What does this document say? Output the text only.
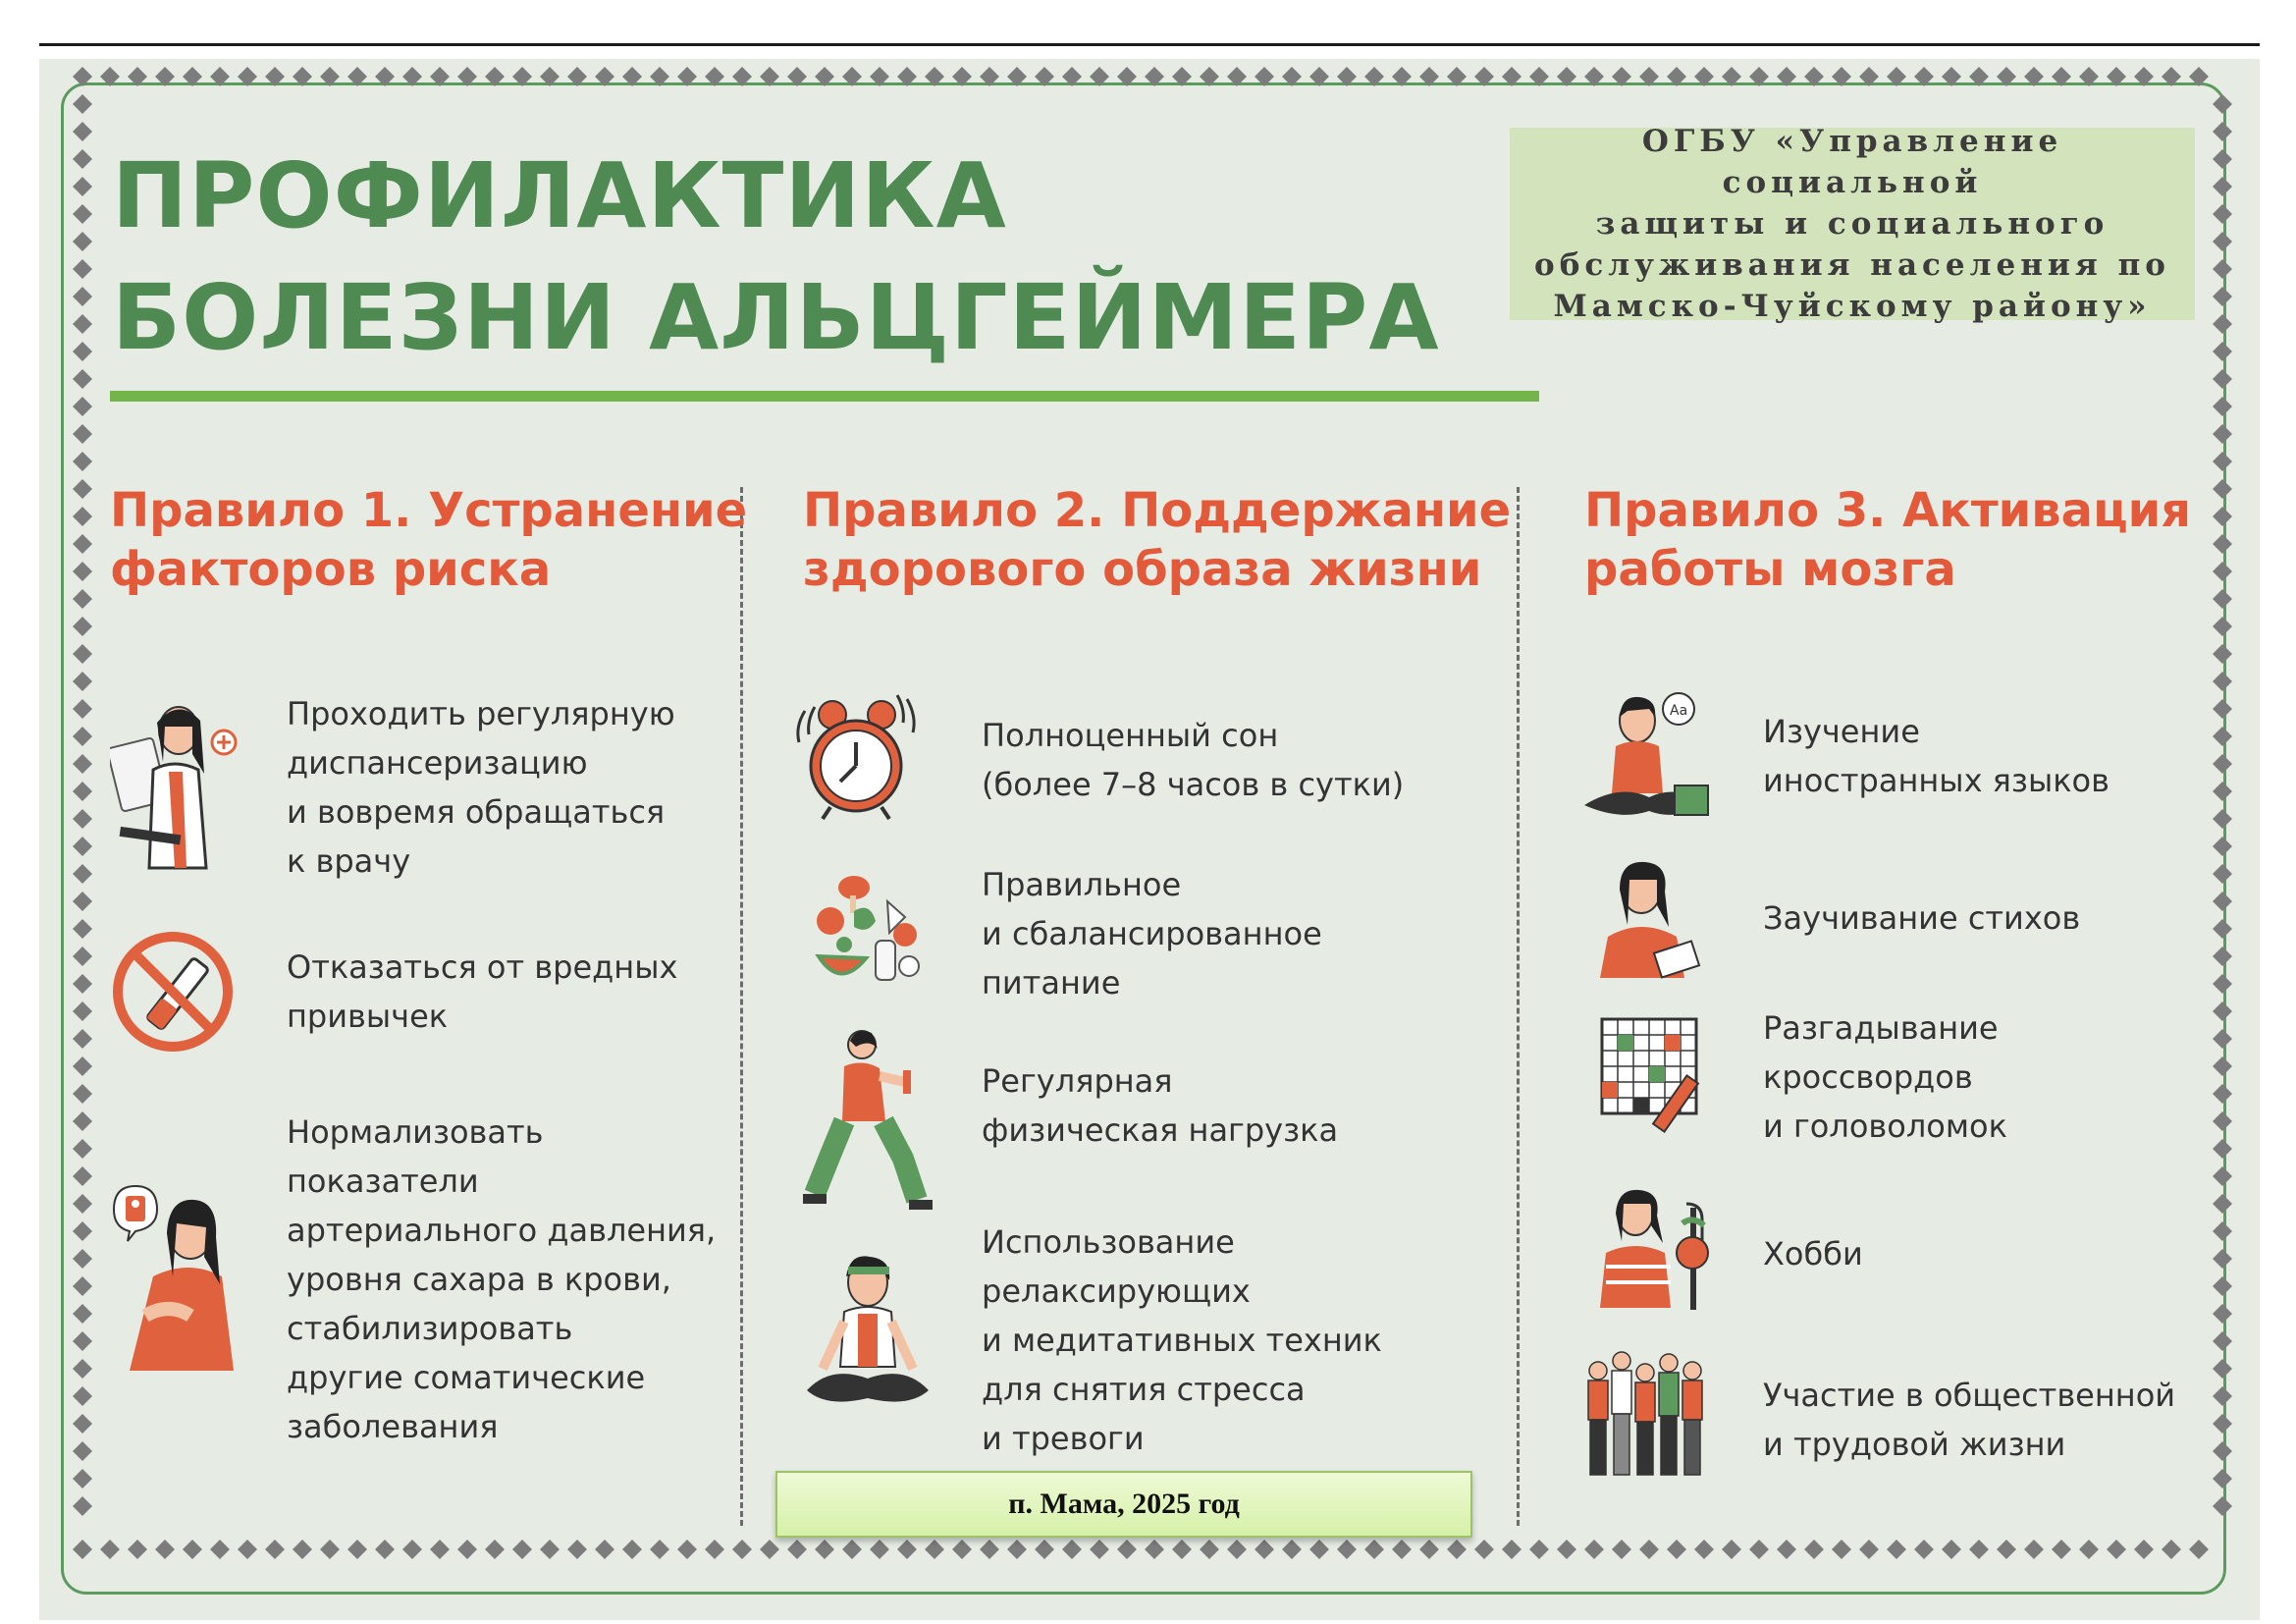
ПРОФИЛАКТИКА
БОЛЕЗНИ АЛЬЦГЕЙМЕРА
ОГБУ «Управление социальной
защиты и социального
обслуживания населения по
Мамско-Чуйскому району»
Правило 1. Устранение
факторов риска

Проходить регулярную
диспансеризацию
и вовремя обращаться
к врачу

Отказаться от вредных
привычек

Нормализовать
показатели
артериального давления,
уровня сахара в крови,
стабилизировать
другие соматические
заболевания

Правило 2. Поддержание
здорового образа жизни

Полноценный сон
(более 7–8 часов в сутки)

Правильное
и сбалансированное
питание

Регулярная
физическая нагрузка

Использование
релаксирующих
и медитативных техник
для снятия стресса
и тревоги

Правило 3. Активация
работы мозга
Aa

Изучение
иностранных языков

Заучивание стихов

Разгадывание
кроссвордов
и головоломок

Хобби

Участие в общественной
и трудовой жизни

п. Мама, 2025 год
